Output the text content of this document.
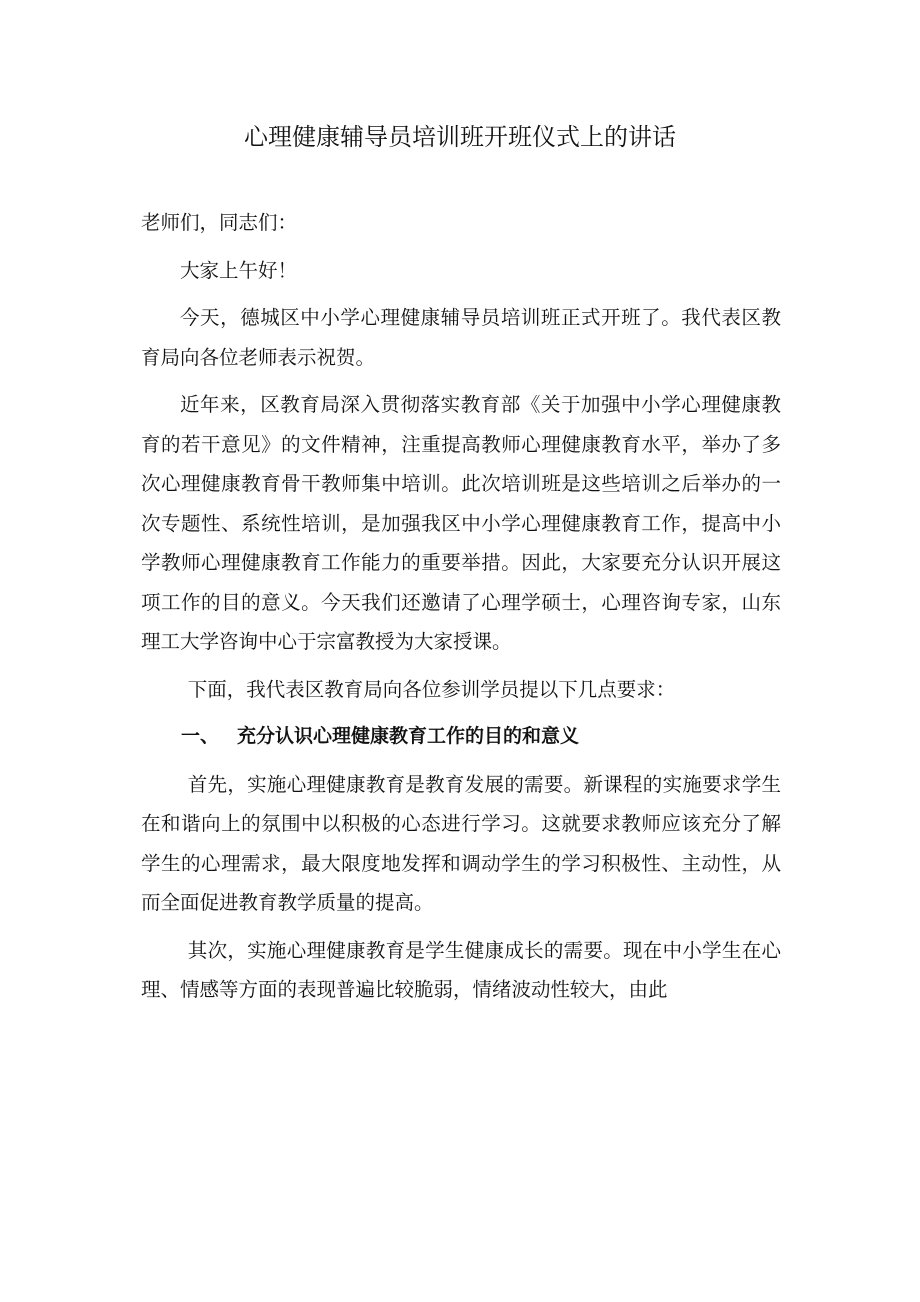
心理健康辅导员培训班开班仪式上的讲话

老师们，同志们：

大家上午好！

今天，德城区中小学心理健康辅导员培训班正式开班了。我代表区教育局向各位老师表示祝贺。

近年来，区教育局深入贯彻落实教育部《关于加强中小学心理健康教育的若干意见》的文件精神，注重提高教师心理健康教育水平，举办了多次心理健康教育骨干教师集中培训。此次培训班是这些培训之后举办的一次专题性、系统性培训，是加强我区中小学心理健康教育工作，提高中小学教师心理健康教育工作能力的重要举措。因此，大家要充分认识开展这项工作的目的意义。今天我们还邀请了心理学硕士，心理咨询专家，山东理工大学咨询中心于宗富教授为大家授课。

下面，我代表区教育局向各位参训学员提以下几点要求：

一、 充分认识心理健康教育工作的目的和意义

首先，实施心理健康教育是教育发展的需要。新课程的实施要求学生在和谐向上的氛围中以积极的心态进行学习。这就要求教师应该充分了解学生的心理需求，最大限度地发挥和调动学生的学习积极性、主动性，从而全面促进教育教学质量的提高。

其次，实施心理健康教育是学生健康成长的需要。现在中小学生在心理、情感等方面的表现普遍比较脆弱，情绪波动性较大，由此
